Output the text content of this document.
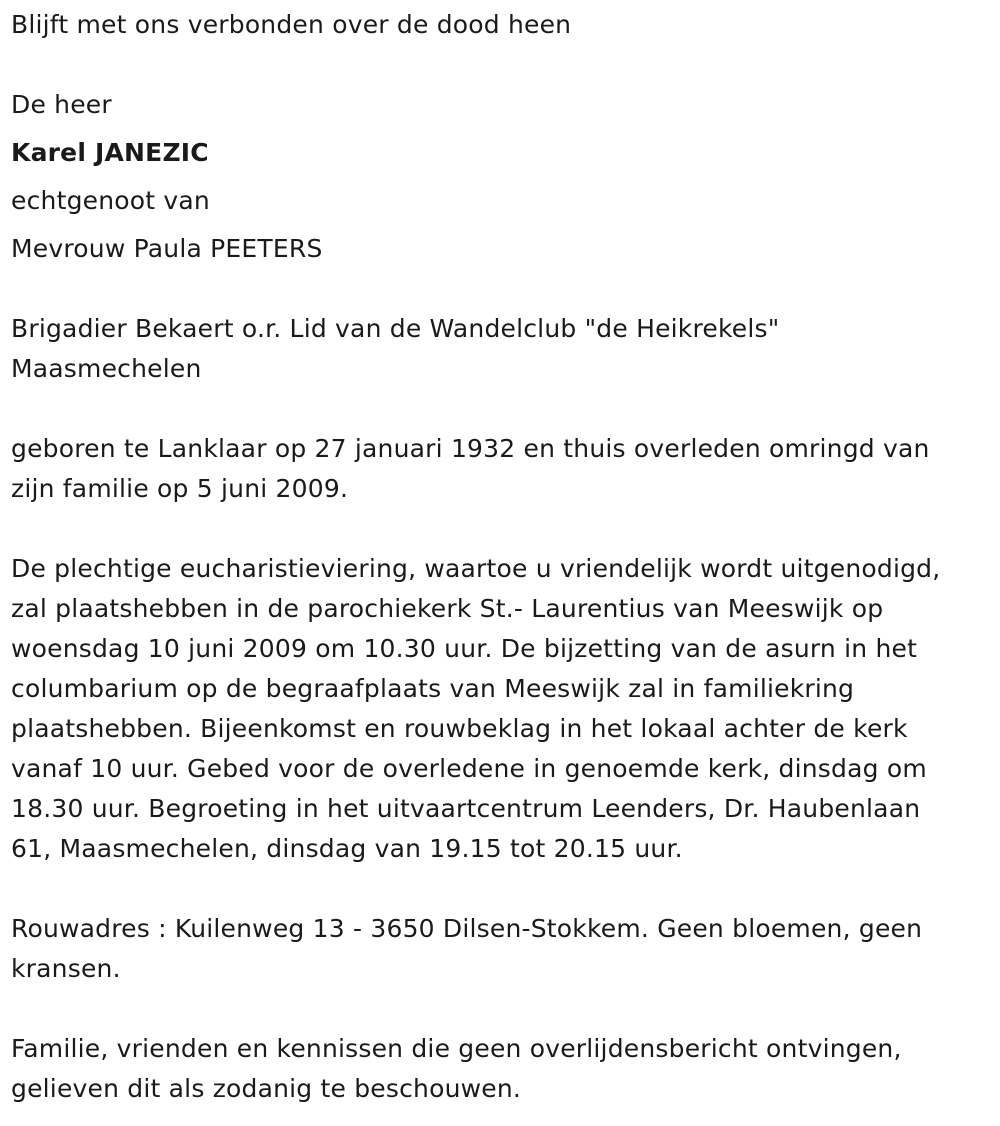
Blijft met ons verbonden over de dood heen
De heer
Karel JANEZIC
echtgenoot van
Mevrouw Paula PEETERS
Brigadier Bekaert o.r. Lid van de Wandelclub "de Heikrekels"
Maasmechelen
geboren te Lanklaar op 27 januari 1932 en thuis overleden omringd van
zijn familie op 5 juni 2009.
De plechtige eucharistieviering, waartoe u vriendelijk wordt uitgenodigd,
zal plaatshebben in de parochiekerk St.- Laurentius van Meeswijk op
woensdag 10 juni 2009 om 10.30 uur. De bijzetting van de asurn in het
columbarium op de begraafplaats van Meeswijk zal in familiekring
plaatshebben. Bijeenkomst en rouwbeklag in het lokaal achter de kerk
vanaf 10 uur. Gebed voor de overledene in genoemde kerk, dinsdag om
18.30 uur. Begroeting in het uitvaartcentrum Leenders, Dr. Haubenlaan
61, Maasmechelen, dinsdag van 19.15 tot 20.15 uur.
Rouwadres : Kuilenweg 13 - 3650 Dilsen-Stokkem. Geen bloemen, geen
kransen.
Familie, vrienden en kennissen die geen overlijdensbericht ontvingen,
gelieven dit als zodanig te beschouwen.
